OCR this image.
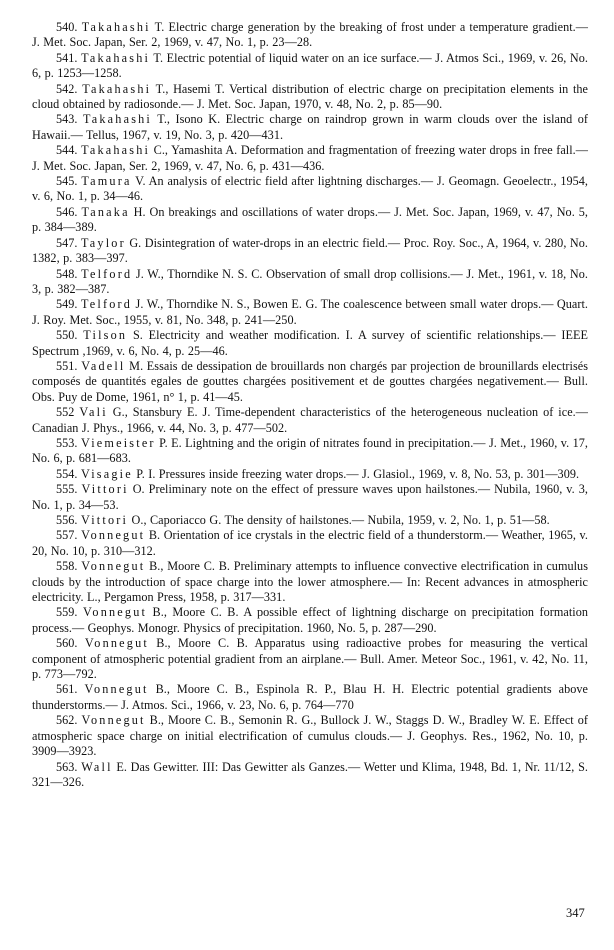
540. Takahashi T. Electric charge generation by the breaking of frost under a temperature gradient.— J. Met. Soc. Japan, Ser. 2, 1969, v. 47, No. 1, p. 23—28.

541. Takahashi T. Electric potential of liquid water on an ice surface.— J. Atmos Sci., 1969, v. 26, No. 6, p. 1253—1258.

542. Takahashi T., Hasemi T. Vertical distribution of electric charge on precipitation elements in the cloud obtained by radiosonde.— J. Met. Soc. Japan, 1970, v. 48, No. 2, p. 85—90.

543. Takahashi T., Isono K. Electric charge on raindrop grown in warm clouds over the island of Hawaii.— Tellus, 1967, v. 19, No. 3, p. 420—431.

544. Takahashi C., Yamashita A. Deformation and fragmentation of freezing water drops in free fall.— J. Met. Soc. Japan, Ser. 2, 1969, v. 47, No. 6, p. 431—436.

545. Tamura V. An analysis of electric field after lightning discharges.— J. Geomagn. Geoelectr., 1954, v. 6, No. 1, p. 34—46.

546. Tanaka H. On breakings and oscillations of water drops.— J. Met. Soc. Japan, 1969, v. 47, No. 5, p. 384—389.

547. Taylor G. Disintegration of water-drops in an electric field.— Proc. Roy. Soc., A, 1964, v. 280, No. 1382, p. 383—397.

548. Telford J. W., Thorndike N. S. C. Observation of small drop collisions.— J. Met., 1961, v. 18, No. 3, p. 382—387.

549. Telford J. W., Thorndike N. S., Bowen E. G. The coalescence between small water drops.— Quart. J. Roy. Met. Soc., 1955, v. 81, No. 348, p. 241—250.

550. Tilson S. Electricity and weather modification. I. A survey of scientific relationships.— IEEE Spectrum ,1969, v. 6, No. 4, p. 25—46.

551. Vadell M. Essais de dessipation de brouillards non chargés par projection de brounillards electrisés composés de quantités egales de gouttes chargées positivement et de gouttes chargées negativement.— Bull. Obs. Puy de Dome, 1961, n° 1, p. 41—45.

552 Vali G., Stansbury E. J. Time-dependent characteristics of the heterogeneous nucleation of ice.— Canadian J. Phys., 1966, v. 44, No. 3, p. 477—502.

553. Viemeister P. E. Lightning and the origin of nitrates found in precipitation.— J. Met., 1960, v. 17, No. 6, p. 681—683.

554. Visagie P. I. Pressures inside freezing water drops.— J. Glasiol., 1969, v. 8, No. 53, p. 301—309.

555. Vittori O. Preliminary note on the effect of pressure waves upon hailstones.— Nubila, 1960, v. 3, No. 1, p. 34—53.

556. Vittori O., Caporiacco G. The density of hailstones.— Nubila, 1959, v. 2, No. 1, p. 51—58.

557. Vonnegut B. Orientation of ice crystals in the electric field of a thunderstorm.— Weather, 1965, v. 20, No. 10, p. 310—312.

558. Vonnegut B., Moore C. B. Preliminary attempts to influence convective electrification in cumulus clouds by the introduction of space charge into the lower atmosphere.— In: Recent advances in atmospheric electricity. L., Pergamon Press, 1958, p. 317—331.

559. Vonnegut B., Moore C. B. A possible effect of lightning discharge on precipitation formation process.— Geophys. Monogr. Physics of precipitation. 1960, No. 5, p. 287—290.

560. Vonnegut B., Moore C. B. Apparatus using radioactive probes for measuring the vertical component of atmospheric potential gradient from an airplane.— Bull. Amer. Meteor Soc., 1961, v. 42, No. 11, p. 773—792.

561. Vonnegut B., Moore C. B., Espinola R. P., Blau H. H. Electric potential gradients above thunderstorms.— J. Atmos. Sci., 1966, v. 23, No. 6, p. 764—770

562. Vonnegut B., Moore C. B., Semonin R. G., Bullock J. W., Staggs D. W., Bradley W. E. Effect of atmospheric space charge on initial electrification of cumulus clouds.— J. Geophys. Res., 1962, No. 10, p. 3909—3923.

563. Wall E. Das Gewitter. III: Das Gewitter als Ganzes.— Wetter und Klima, 1948, Bd. 1, Nr. 11/12, S. 321—326.

347
